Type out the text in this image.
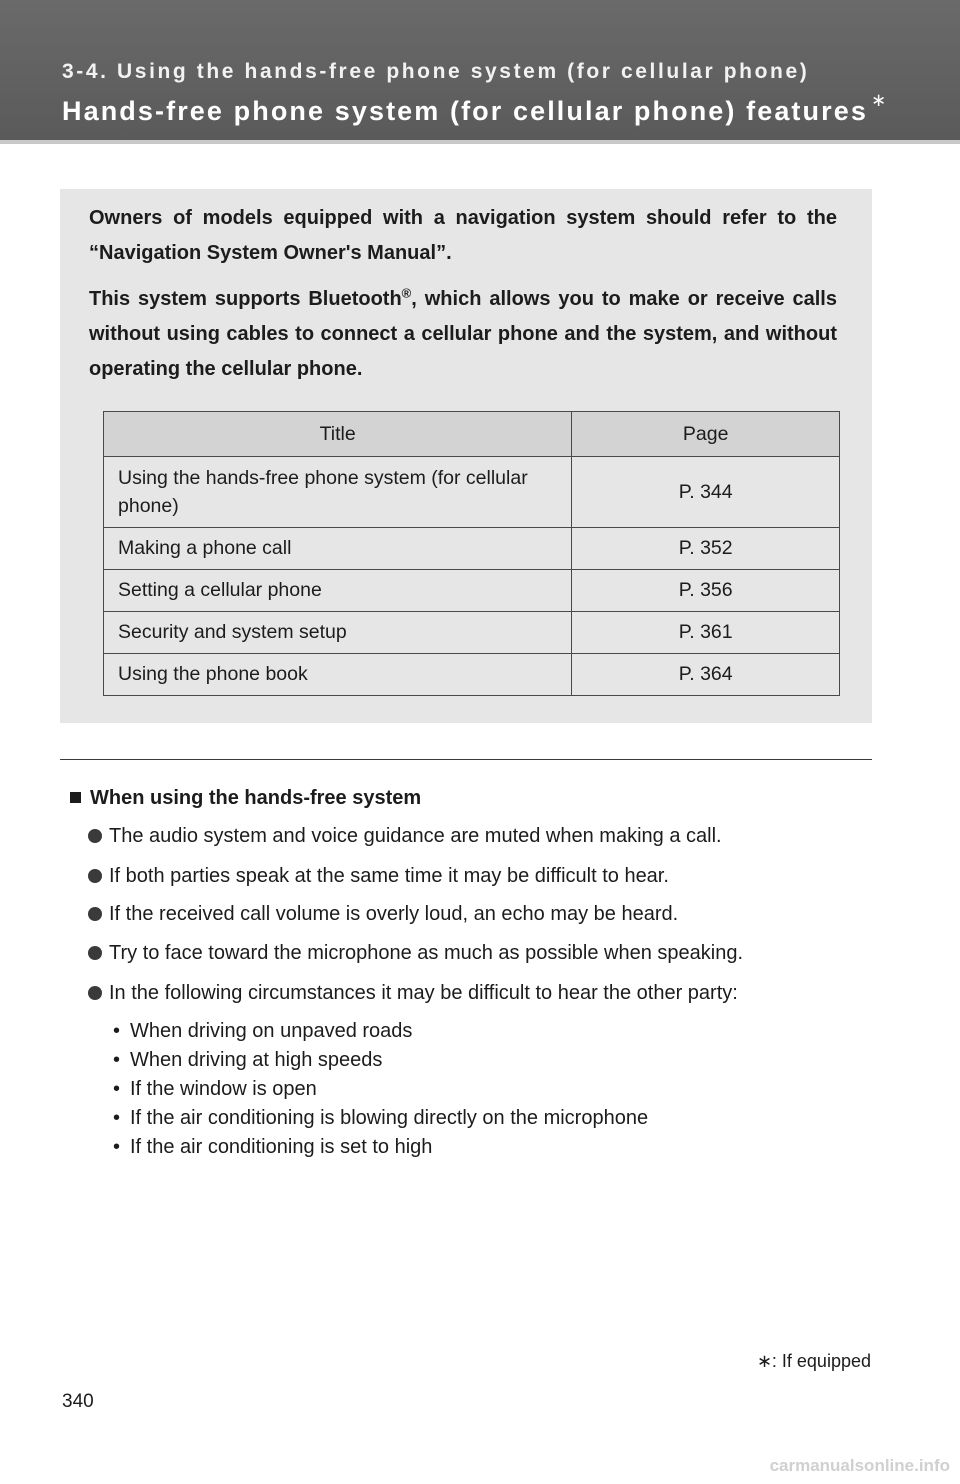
3-4. Using the hands-free phone system (for cellular phone)
Hands-free phone system (for cellular phone) features ∗

Owners of models equipped with a navigation system should refer to the “Navigation System Owner's Manual”.

This system supports Bluetooth®, which allows you to make or receive calls without using cables to connect a cellular phone and the system, and without operating the cellular phone.

Title	Page
Using the hands-free phone system (for cellular phone)	P. 344
Making a phone call	P. 352
Setting a cellular phone	P. 356
Security and system setup	P. 361
Using the phone book	P. 364
When using the hands-free system
The audio system and voice guidance are muted when making a call.
If both parties speak at the same time it may be difficult to hear.
If the received call volume is overly loud, an echo may be heard.
Try to face toward the microphone as much as possible when speaking.
In the following circumstances it may be difficult to hear the other party:
• When driving on unpaved roads
• When driving at high speeds
• If the window is open
• If the air conditioning is blowing directly on the microphone
• If the air conditioning is set to high
∗: If equipped
340
carmanualsonline.info
